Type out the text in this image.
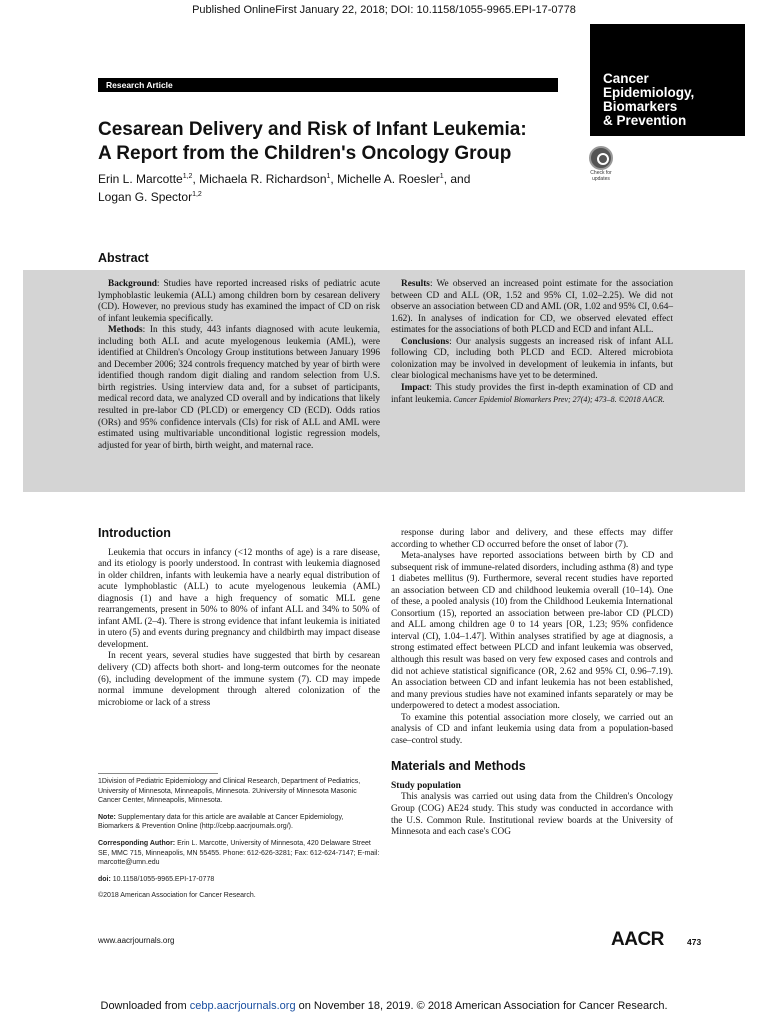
Published OnlineFirst January 22, 2018; DOI: 10.1158/1055-9965.EPI-17-0778
Cancer
Epidemiology,
Biomarkers
& Prevention
Research Article
Cesarean Delivery and Risk of Infant Leukemia:
A Report from the Children's Oncology Group
Erin L. Marcotte$^{1,2}$, Michaela R. Richardson$^1$, Michelle A. Roesler$^1$, and
Logan G. Spector$^{1,2}$
Check for updates
Abstract

Background: Studies have reported increased risks of pediatric acute lymphoblastic leukemia (ALL) among children born by cesarean delivery (CD). However, no previous study has examined the impact of CD on risk of infant leukemia specifically.

Methods: In this study, 443 infants diagnosed with acute leukemia, including both ALL and acute myelogenous leukemia (AML), were identified at Children's Oncology Group institutions between January 1996 and December 2006; 324 controls frequency matched by year of birth were identified though random digit dialing and random selection from U.S. birth registries. Using interview data and, for a subset of participants, medical record data, we analyzed CD overall and by indications that likely resulted in pre-labor CD (PLCD) or emergency CD (ECD). Odds ratios (ORs) and 95% confidence intervals (CIs) for risk of ALL and AML were estimated using multivariable unconditional logistic regression models, adjusted for year of birth, birth weight, and maternal race.

Results: We observed an increased point estimate for the association between CD and ALL (OR, 1.52 and 95% CI, 1.02–2.25). We did not observe an association between CD and AML (OR, 1.02 and 95% CI, 0.64–1.62). In analyses of indication for CD, we observed elevated effect estimates for the associations of both PLCD and ECD and infant ALL.

Conclusions: Our analysis suggests an increased risk of infant ALL following CD, including both PLCD and ECD. Altered microbiota colonization may be involved in development of leukemia in infants, but clear biological mechanisms have yet to be determined.

Impact: This study provides the first in-depth examination of CD and infant leukemia. Cancer Epidemiol Biomarkers Prev; 27(4); 473–8. ©2018 AACR.

Introduction

Leukemia that occurs in infancy (<12 months of age) is a rare disease, and its etiology is poorly understood. In contrast with leukemia diagnosed in older children, infants with leukemia have a nearly equal distribution of acute lymphoblastic (ALL) to acute myelogenous leukemia (AML) diagnosis (1) and have a high frequency of somatic MLL gene rearrangements, present in 50% to 80% of infant ALL and 34% to 50% of infant AML (2–4). There is strong evidence that infant leukemia is initiated in utero (5) and events during pregnancy and childbirth may impact disease development.

In recent years, several studies have suggested that birth by cesarean delivery (CD) affects both short- and long-term outcomes for the neonate (6), including development of the immune system (7). CD may impede normal immune development through altered colonization of the microbiome or lack of a stress

response during labor and delivery, and these effects may differ according to whether CD occurred before the onset of labor (7).

Meta-analyses have reported associations between birth by CD and subsequent risk of immune-related disorders, including asthma (8) and type 1 diabetes mellitus (9). Furthermore, several recent studies have reported an association between CD and childhood leukemia overall (10–14). One of these, a pooled analysis (10) from the Childhood Leukemia International Consortium (15), reported an association between pre-labor CD (PLCD) and ALL among children age 0 to 14 years [OR, 1.23; 95% confidence interval (CI), 1.04–1.47]. Within analyses stratified by age at diagnosis, a strong estimated effect between PLCD and infant leukemia was observed, although this result was based on very few exposed cases and controls and did not achieve statistical significance (OR, 2.62 and 95% CI, 0.96–7.19). An association between CD and infant leukemia has not been established, and many previous studies have not examined infants separately or may be underpowered to detect a modest association.

To examine this potential association more closely, we carried out an analysis of CD and infant leukemia using data from a population-based case–control study.

Materials and Methods
Study population

This analysis was carried out using data from the Children's Oncology Group (COG) AE24 study. This study was conducted in accordance with the U.S. Common Rule. Institutional review boards at the University of Minnesota and each case's COG

1Division of Pediatric Epidemiology and Clinical Research, Department of Pediatrics, University of Minnesota, Minneapolis, Minnesota. 2University of Minnesota Masonic Cancer Center, Minneapolis, Minnesota.

Note: Supplementary data for this article are available at Cancer Epidemiology, Biomarkers & Prevention Online (http://cebp.aacrjournals.org/).

Corresponding Author: Erin L. Marcotte, University of Minnesota, 420 Delaware Street SE, MMC 715, Minneapolis, MN 55455. Phone: 612-626-3281; Fax: 612-624-7147; E-mail: marcotte@umn.edu

doi: 10.1158/1055-9965.EPI-17-0778

©2018 American Association for Cancer Research.

www.aacrjournals.org	AACR	473
Downloaded from cebp.aacrjournals.org on November 18, 2019. © 2018 American Association for Cancer Research.
